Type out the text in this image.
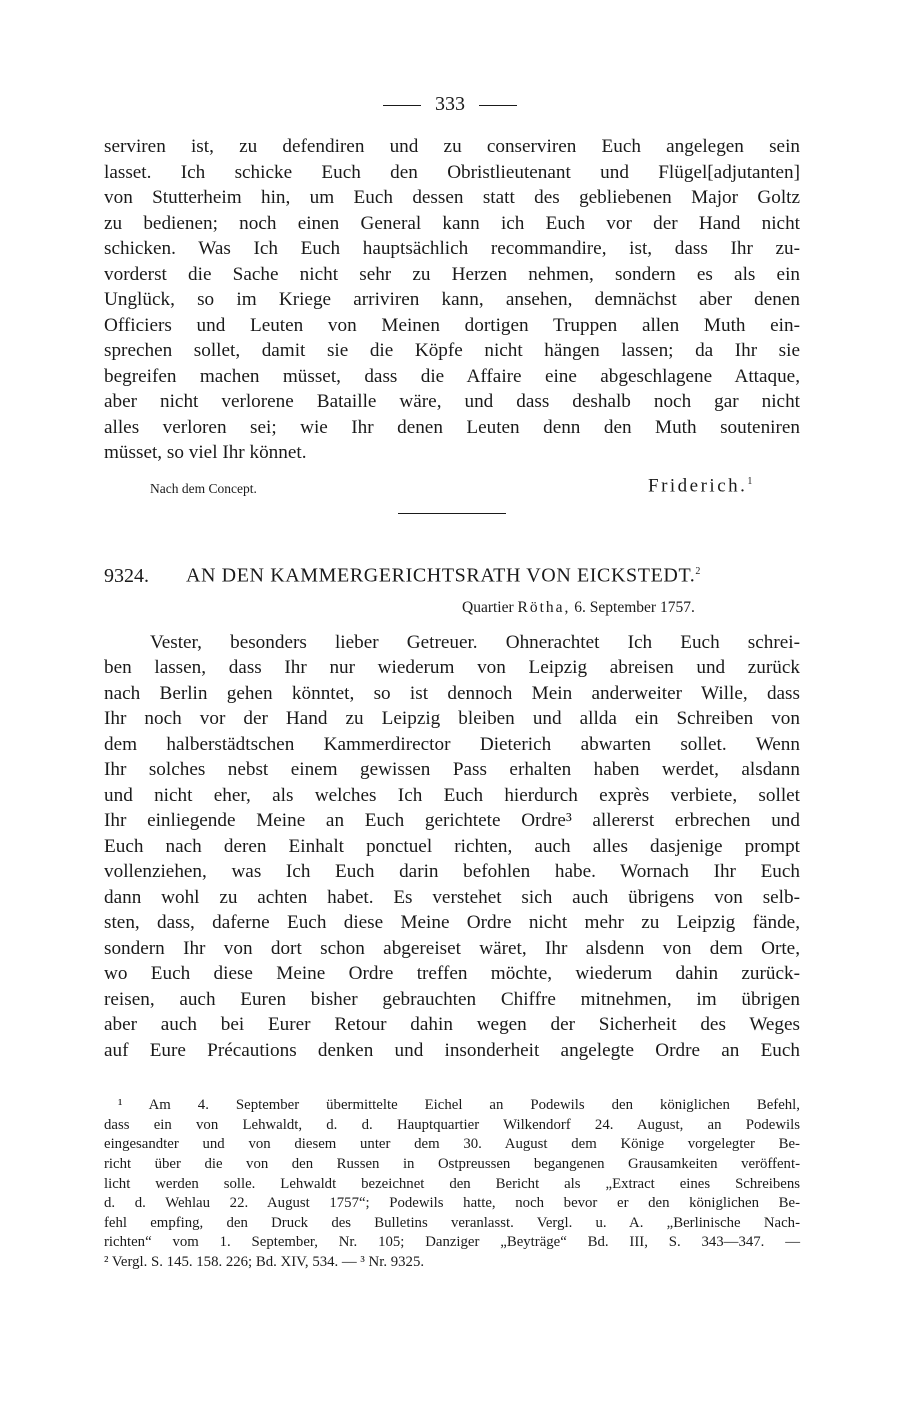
333
serviren ist, zu defendiren und zu conserviren Euch angelegen sein
lasset. Ich schicke Euch den Obristlieutenant und Flügel[adjutanten]
von Stutterheim hin, um Euch dessen statt des gebliebenen Major Goltz
zu bedienen; noch einen General kann ich Euch vor der Hand nicht
schicken. Was Ich Euch hauptsächlich recommandire, ist, dass Ihr zu-
vorderst die Sache nicht sehr zu Herzen nehmen, sondern es als ein
Unglück, so im Kriege arriviren kann, ansehen, demnächst aber denen
Officiers und Leuten von Meinen dortigen Truppen allen Muth ein-
sprechen sollet, damit sie die Köpfe nicht hängen lassen; da Ihr sie
begreifen machen müsset, dass die Affaire eine abgeschlagene Attaque,
aber nicht verlorene Bataille wäre, und dass deshalb noch gar nicht
alles verloren sei; wie Ihr denen Leuten denn den Muth souteniren
müsset, so viel Ihr könnet.
Nach dem Concept.	Friderich.$^1$
9324. AN DEN KAMMERGERICHTSRATH VON EICKSTEDT.$^2$
Quartier Rötha, 6. September 1757.
Vester, besonders lieber Getreuer. Ohnerachtet Ich Euch schrei-
ben lassen, dass Ihr nur wiederum von Leipzig abreisen und zurück
nach Berlin gehen könntet, so ist dennoch Mein anderweiter Wille, dass
Ihr noch vor der Hand zu Leipzig bleiben und allda ein Schreiben von
dem halberstädtschen Kammerdirector Dieterich abwarten sollet. Wenn
Ihr solches nebst einem gewissen Pass erhalten haben werdet, alsdann
und nicht eher, als welches Ich Euch hierdurch exprès verbiete, sollet
Ihr einliegende Meine an Euch gerichtete Ordre³ allererst erbrechen und
Euch nach deren Einhalt ponctuel richten, auch alles dasjenige prompt
vollenziehen, was Ich Euch darin befohlen habe. Wornach Ihr Euch
dann wohl zu achten habet. Es verstehet sich auch übrigens von selb-
sten, dass, daferne Euch diese Meine Ordre nicht mehr zu Leipzig fände,
sondern Ihr von dort schon abgereiset wäret, Ihr alsdenn von dem Orte,
wo Euch diese Meine Ordre treffen möchte, wiederum dahin zurück-
reisen, auch Euren bisher gebrauchten Chiffre mitnehmen, im übrigen
aber auch bei Eurer Retour dahin wegen der Sicherheit des Weges
auf Eure Précautions denken und insonderheit angelegte Ordre an Euch
¹ Am 4. September übermittelte Eichel an Podewils den königlichen Befehl,
dass ein von Lehwaldt, d. d. Hauptquartier Wilkendorf 24. August, an Podewils
eingesandter und von diesem unter dem 30. August dem Könige vorgelegter Be-
richt über die von den Russen in Ostpreussen begangenen Grausamkeiten veröffent-
licht werden solle. Lehwaldt bezeichnet den Bericht als „Extract eines Schreibens
d. d. Wehlau 22. August 1757“; Podewils hatte, noch bevor er den königlichen Be-
fehl empfing, den Druck des Bulletins veranlasst. Vergl. u. A. „Berlinische Nach-
richten“ vom 1. September, Nr. 105; Danziger „Beyträge“ Bd. III, S. 343—347. —
² Vergl. S. 145. 158. 226; Bd. XIV, 534. — ³ Nr. 9325.
